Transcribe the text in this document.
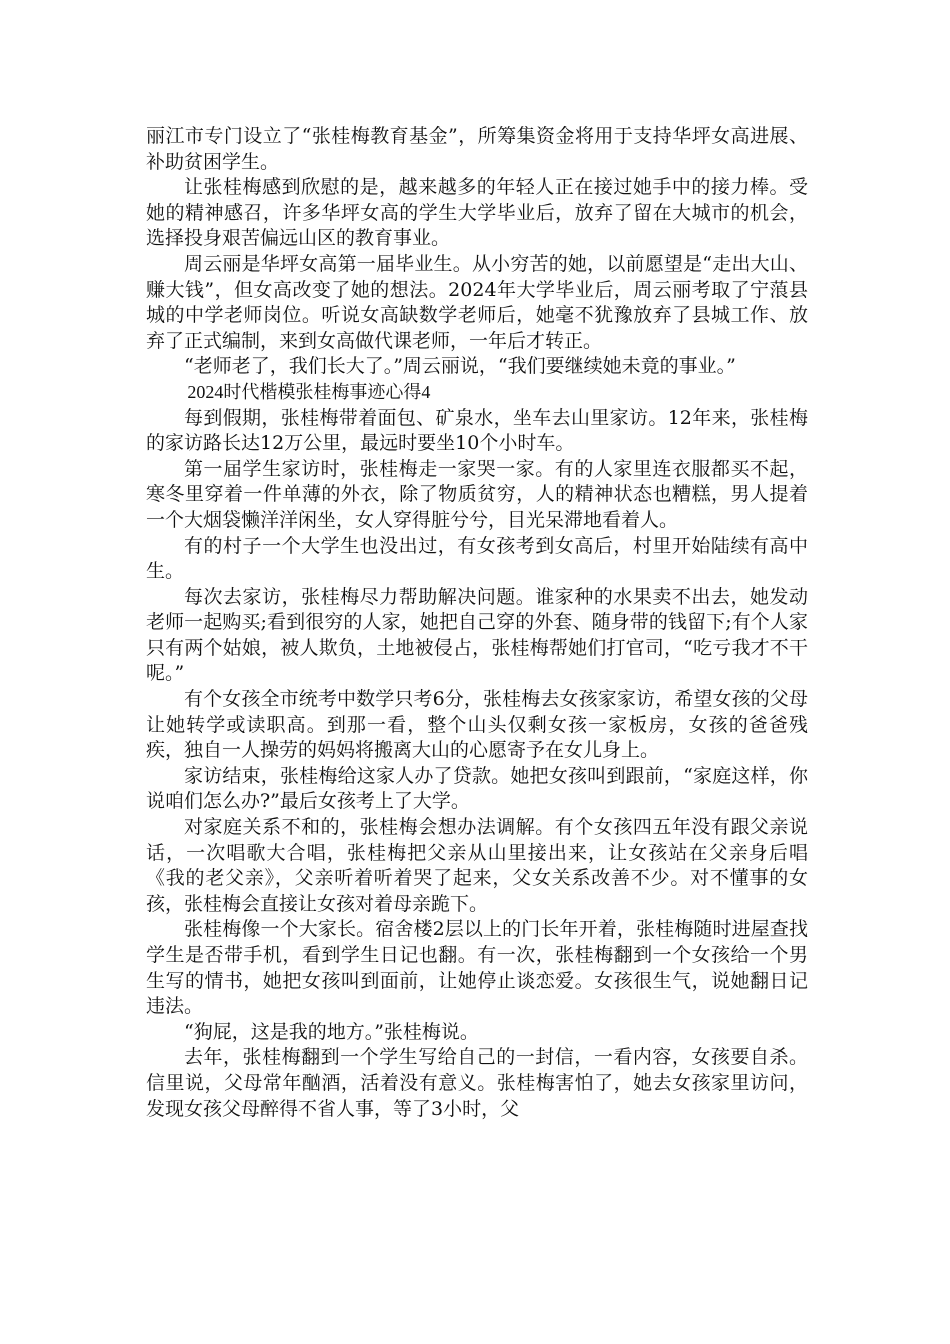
丽江市专门设立了“张桂梅教育基金”，所筹集资金将用于支持华坪女高进展、补助贫困学生。

让张桂梅感到欣慰的是，越来越多的年轻人正在接过她手中的接力棒。受她的精神感召，许多华坪女高的学生大学毕业后，放弃了留在大城市的机会，选择投身艰苦偏远山区的教育事业。

周云丽是华坪女高第一届毕业生。从小穷苦的她，以前愿望是“走出大山、赚大钱”，但女高改变了她的想法。2024年大学毕业后，周云丽考取了宁蒗县城的中学老师岗位。听说女高缺数学老师后，她毫不犹豫放弃了县城工作、放弃了正式编制，来到女高做代课老师，一年后才转正。

“老师老了，我们长大了。”周云丽说，“我们要继续她未竟的事业。”

2024时代楷模张桂梅事迹心得4

每到假期，张桂梅带着面包、矿泉水，坐车去山里家访。12年来，张桂梅的家访路长达12万公里，最远时要坐10个小时车。

第一届学生家访时，张桂梅走一家哭一家。有的人家里连衣服都买不起，寒冬里穿着一件单薄的外衣，除了物质贫穷，人的精神状态也糟糕，男人提着一个大烟袋懒洋洋闲坐，女人穿得脏兮兮，目光呆滞地看着人。

有的村子一个大学生也没出过，有女孩考到女高后，村里开始陆续有高中生。

每次去家访，张桂梅尽力帮助解决问题。谁家种的水果卖不出去，她发动老师一起购买;看到很穷的人家，她把自己穿的外套、随身带的钱留下;有个人家只有两个姑娘，被人欺负，土地被侵占，张桂梅帮她们打官司，“吃亏我才不干呢。”

有个女孩全市统考中数学只考6分，张桂梅去女孩家家访，希望女孩的父母让她转学或读职高。到那一看，整个山头仅剩女孩一家板房，女孩的爸爸残疾，独自一人操劳的妈妈将搬离大山的心愿寄予在女儿身上。

家访结束，张桂梅给这家人办了贷款。她把女孩叫到跟前，“家庭这样，你说咱们怎么办?”最后女孩考上了大学。

对家庭关系不和的，张桂梅会想办法调解。有个女孩四五年没有跟父亲说话，一次唱歌大合唱，张桂梅把父亲从山里接出来，让女孩站在父亲身后唱《我的老父亲》，父亲听着听着哭了起来，父女关系改善不少。对不懂事的女孩，张桂梅会直接让女孩对着母亲跪下。

张桂梅像一个大家长。宿舍楼2层以上的门长年开着，张桂梅随时进屋查找学生是否带手机，看到学生日记也翻。有一次，张桂梅翻到一个女孩给一个男生写的情书，她把女孩叫到面前，让她停止谈恋爱。女孩很生气，说她翻日记违法。

“狗屁，这是我的地方。”张桂梅说。

去年，张桂梅翻到一个学生写给自己的一封信，一看内容，女孩要自杀。信里说，父母常年酗酒，活着没有意义。张桂梅害怕了，她去女孩家里访问，发现女孩父母醉得不省人事，等了3小时，父
